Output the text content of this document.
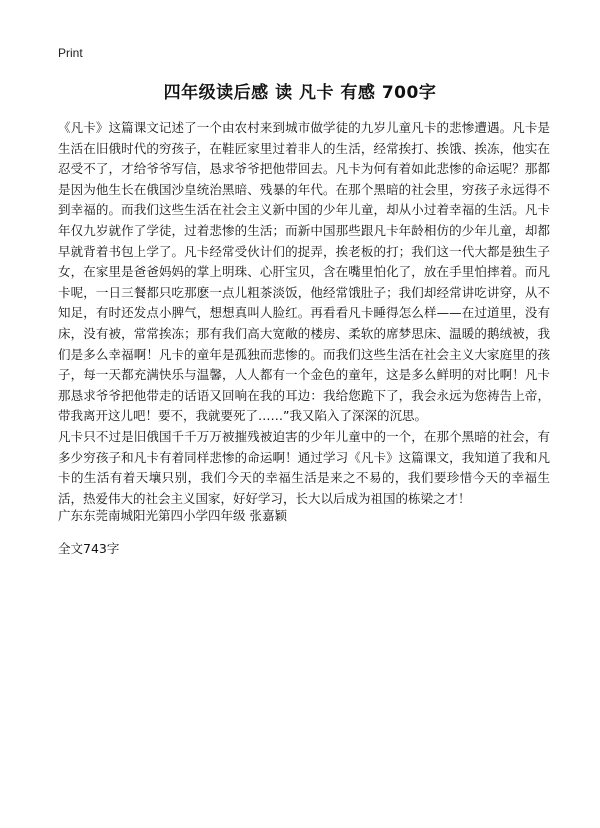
Print
四年级读后感 读 凡卡 有感 700字

《凡卡》这篇课文记述了一个由农村来到城市做学徒的九岁儿童凡卡的悲惨遭遇。凡卡是生活在旧俄时代的穷孩子，在鞋匠家里过着非人的生活，经常挨打、挨饿、挨冻，他实在忍受不了，才给爷爷写信，恳求爷爷把他带回去。凡卡为何有着如此悲惨的命运呢？那都是因为他生长在俄国沙皇统治黑暗、残暴的年代。在那个黑暗的社会里，穷孩子永远得不到幸福的。而我们这些生活在社会主义新中国的少年儿童，却从小过着幸福的生活。凡卡年仅九岁就作了学徒，过着悲惨的生活；而新中国那些跟凡卡年龄相仿的少年儿童，却都早就背着书包上学了。凡卡经常受伙计们的捉弄，挨老板的打；我们这一代大都是独生子女，在家里是爸爸妈妈的掌上明珠、心肝宝贝，含在嘴里怕化了，放在手里怕摔着。而凡卡呢，一日三餐都只吃那麽一点儿粗茶淡饭，他经常饿肚子；我们却经常讲吃讲穿，从不知足，有时还发点小脾气，想想真叫人脸红。再看看凡卡睡得怎么样——在过道里，没有床，没有被，常常挨冻；那有我们高大宽敞的楼房、柔软的席梦思床、温暖的鹅绒被，我们是多么幸福啊！凡卡的童年是孤独而悲惨的。而我们这些生活在社会主义大家庭里的孩子，每一天都充满快乐与温馨，人人都有一个金色的童年，这是多么鲜明的对比啊！凡卡那恳求爷爷把他带走的话语又回响在我的耳边：我给您跪下了，我会永远为您祷告上帝，带我离开这儿吧！要不，我就要死了……”我又陷入了深深的沉思。

凡卡只不过是旧俄国千千万万被摧残被迫害的少年儿童中的一个，在那个黑暗的社会，有多少穷孩子和凡卡有着同样悲惨的命运啊！通过学习《凡卡》这篇课文，我知道了我和凡卡的生活有着天壤只别，我们今天的幸福生活是来之不易的，我们要珍惜今天的幸福生活，热爱伟大的社会主义国家，好好学习，长大以后成为祖国的栋梁之才！

广东东莞南城阳光第四小学四年级 张嘉颖
全文743字
